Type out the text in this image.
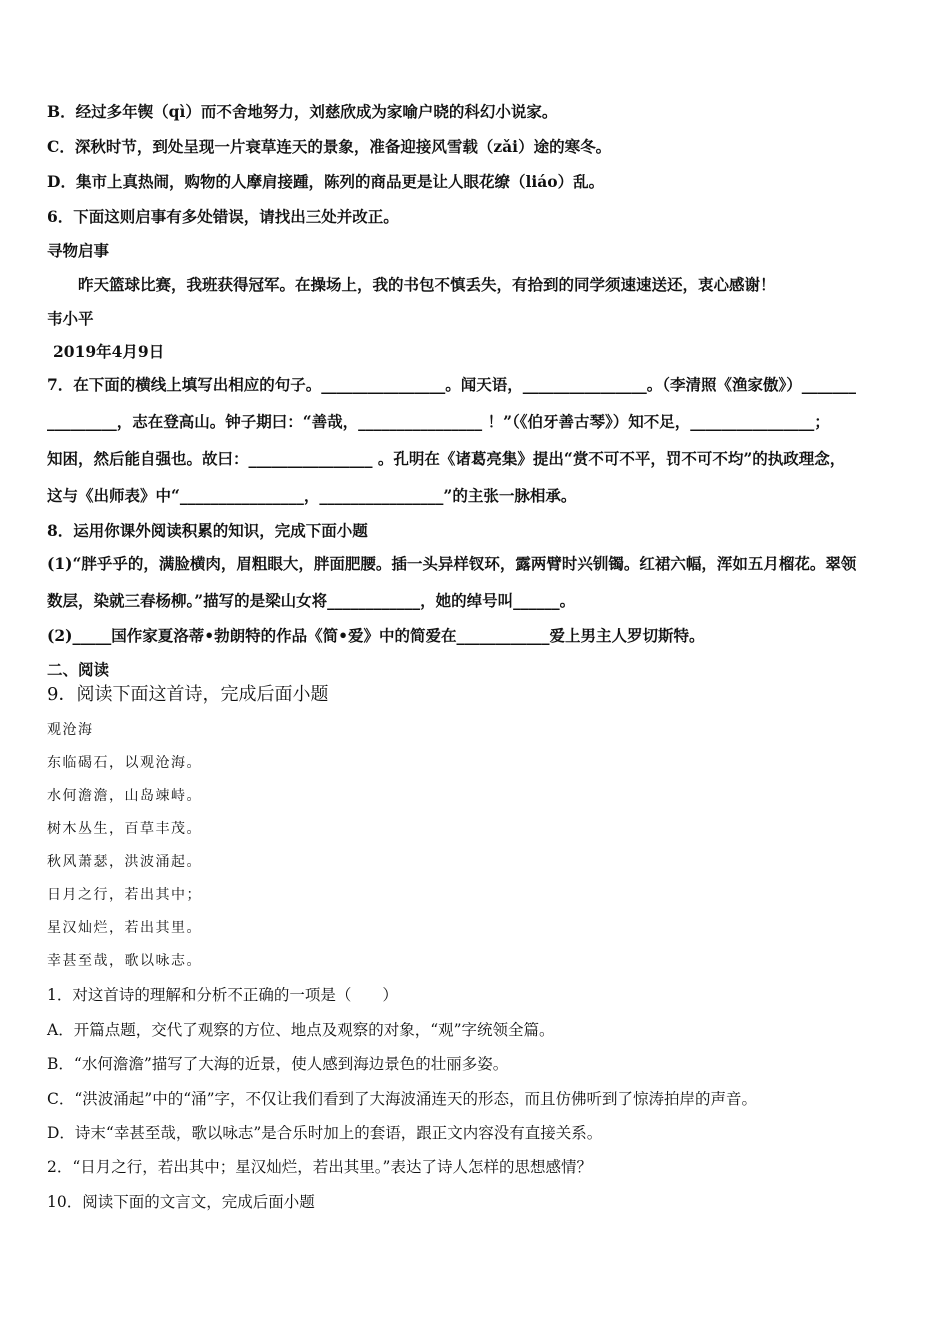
B．经过多年锲（qì）而不舍地努力，刘慈欣成为家喻户晓的科幻小说家。
C．深秋时节，到处呈现一片衰草连天的景象，准备迎接风雪载（zǎi）途的寒冬。
D．集市上真热闹，购物的人摩肩接踵，陈列的商品更是让人眼花缭（liáo）乱。
6．下面这则启事有多处错误，请找出三处并改正。
寻物启事
昨天篮球比赛，我班获得冠军。在操场上，我的书包不慎丢失，有拾到的同学须速速送还，衷心感谢！
韦小平
2019年4月9日
7．在下面的横线上填写出相应的句子。________________。闻天语，________________。（李清照《渔家傲》）_______
_________，志在登高山。钟子期曰：“善哉，________________ ！”（《伯牙善古琴》）知不足，________________；
知困，然后能自强也。故曰：________________ 。孔明在《诸葛亮集》提出“赏不可不平，罚不可不均”的执政理念，
这与《出师表》中“________________，________________”的主张一脉相承。
8．运用你课外阅读积累的知识，完成下面小题
(1)“胖乎乎的，满脸横肉，眉粗眼大，胖面肥腰。插一头异样钗环，露两臂时兴钏镯。红裙六幅，浑如五月榴花。翠领
数层，染就三春杨柳。”描写的是梁山女将____________，她的绰号叫______。
(2)_____国作家夏洛蒂•勃朗特的作品《简•爱》中的简爱在____________爱上男主人罗切斯特。
二、阅读
9．阅读下面这首诗，完成后面小题
观沧海
东临碣石，以观沧海。
水何澹澹，山岛竦峙。
树木丛生，百草丰茂。
秋风萧瑟，洪波涌起。
日月之行，若出其中；
星汉灿烂，若出其里。
幸甚至哉，歌以咏志。
1．对这首诗的理解和分析不正确的一项是（　　）
A．开篇点题，交代了观察的方位、地点及观察的对象，“观”字统领全篇。
B．“水何澹澹”描写了大海的近景，使人感到海边景色的壮丽多姿。
C．“洪波涌起”中的“涌”字，不仅让我们看到了大海波涌连天的形态，而且仿佛听到了惊涛拍岸的声音。
D．诗末“幸甚至哉，歌以咏志”是合乐时加上的套语，跟正文内容没有直接关系。
2．“日月之行，若出其中；星汉灿烂，若出其里。”表达了诗人怎样的思想感情？
10．阅读下面的文言文，完成后面小题
